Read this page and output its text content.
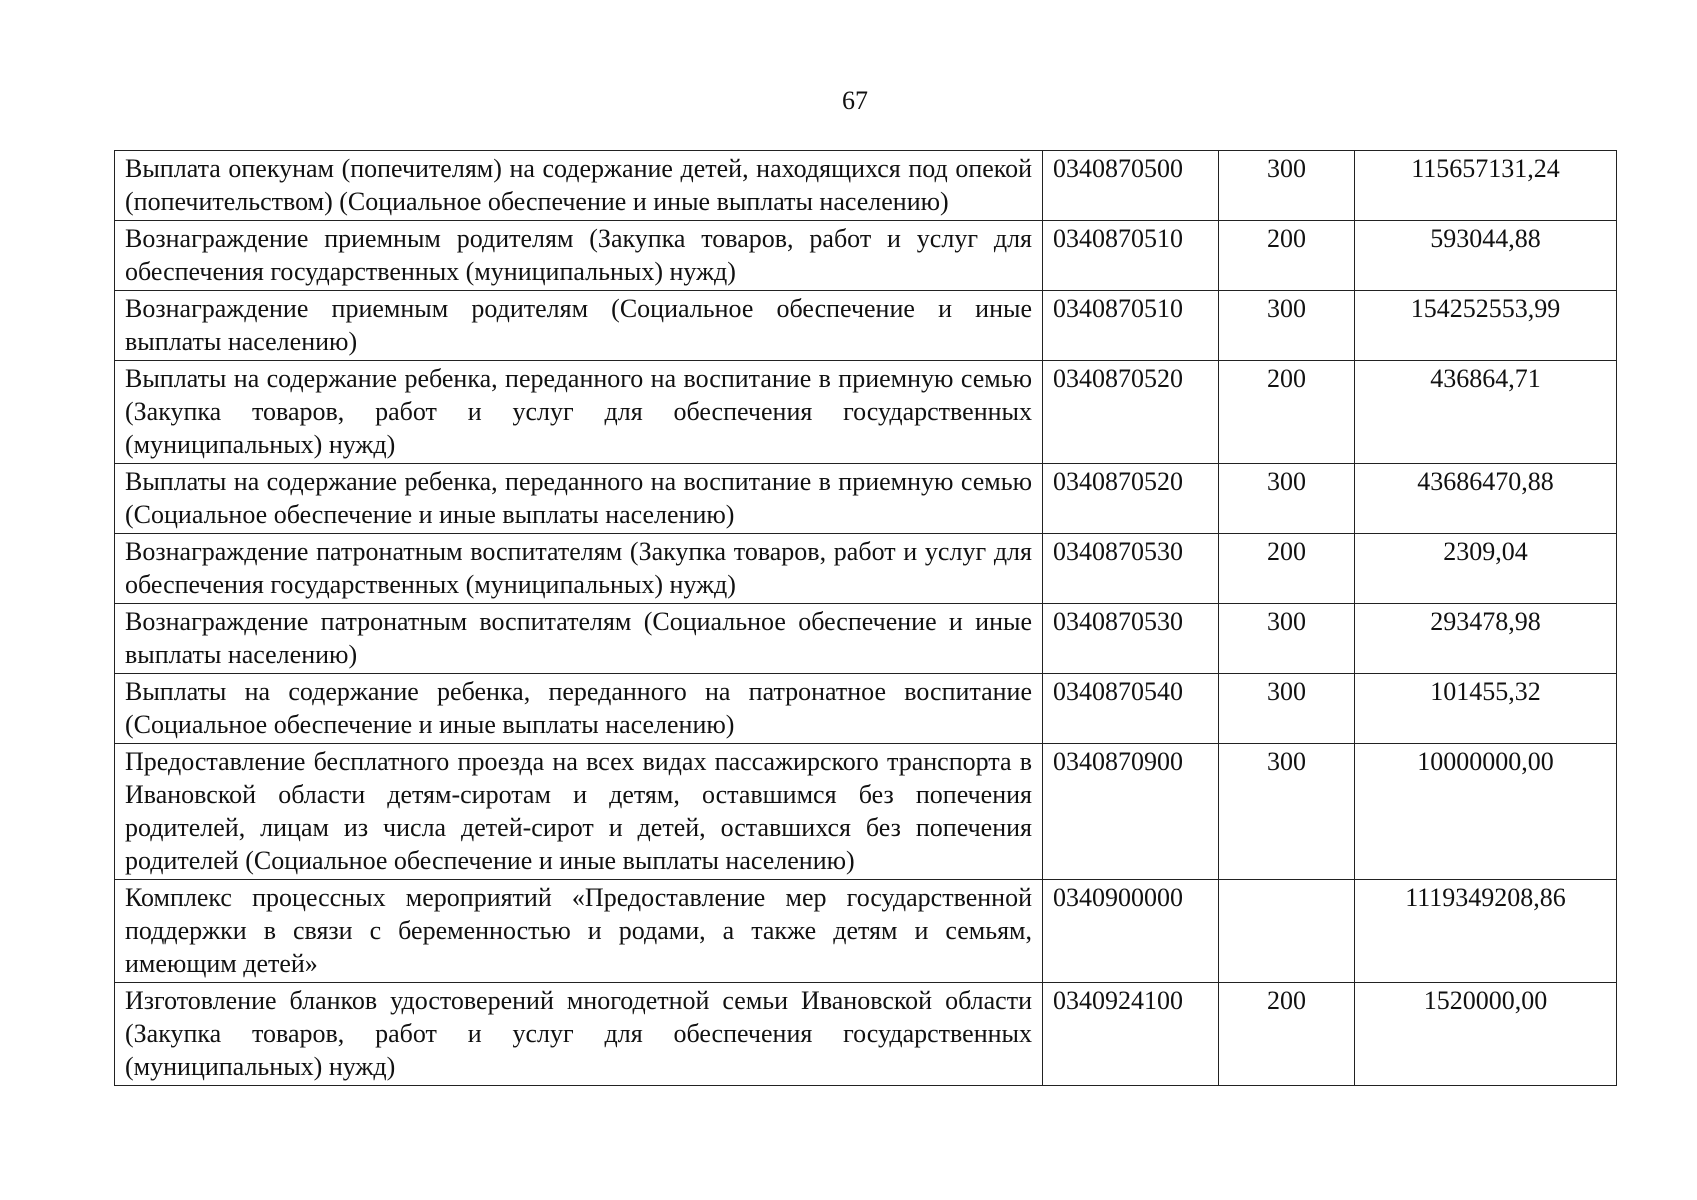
67
Выплата опекунам (попечителям) на содержание детей, находящихся под опекой (попечительством) (Социальное обеспечение и иные выплаты населению)	0340870500	300	115657131,24
Вознаграждение приемным родителям (Закупка товаров, работ и услуг для обеспечения государственных (муниципальных) нужд)	0340870510	200	593044,88
Вознаграждение приемным родителям (Социальное обеспечение и иные выплаты населению)	0340870510	300	154252553,99
Выплаты на содержание ребенка, переданного на воспитание в приемную семью (Закупка товаров, работ и услуг для обеспечения государственных (муниципальных) нужд)	0340870520	200	436864,71
Выплаты на содержание ребенка, переданного на воспитание в приемную семью (Социальное обеспечение и иные выплаты населению)	0340870520	300	43686470,88
Вознаграждение патронатным воспитателям (Закупка товаров, работ и услуг для обеспечения государственных (муниципальных) нужд)	0340870530	200	2309,04
Вознаграждение патронатным воспитателям (Социальное обеспечение и иные выплаты населению)	0340870530	300	293478,98
Выплаты на содержание ребенка, переданного на патронатное воспитание (Социальное обеспечение и иные выплаты населению)	0340870540	300	101455,32
Предоставление бесплатного проезда на всех видах пассажирского транспорта в Ивановской области детям-сиротам и детям, оставшимся без попечения родителей, лицам из числа детей-сирот и детей, оставшихся без попечения родителей (Социальное обеспечение и иные выплаты населению)	0340870900	300	10000000,00
Комплекс процессных мероприятий «Предоставление мер государственной поддержки в связи с беременностью и родами, а также детям и семьям, имеющим детей»	0340900000		1119349208,86
Изготовление бланков удостоверений многодетной семьи Ивановской области (Закупка товаров, работ и услуг для обеспечения государственных (муниципальных) нужд)	0340924100	200	1520000,00
